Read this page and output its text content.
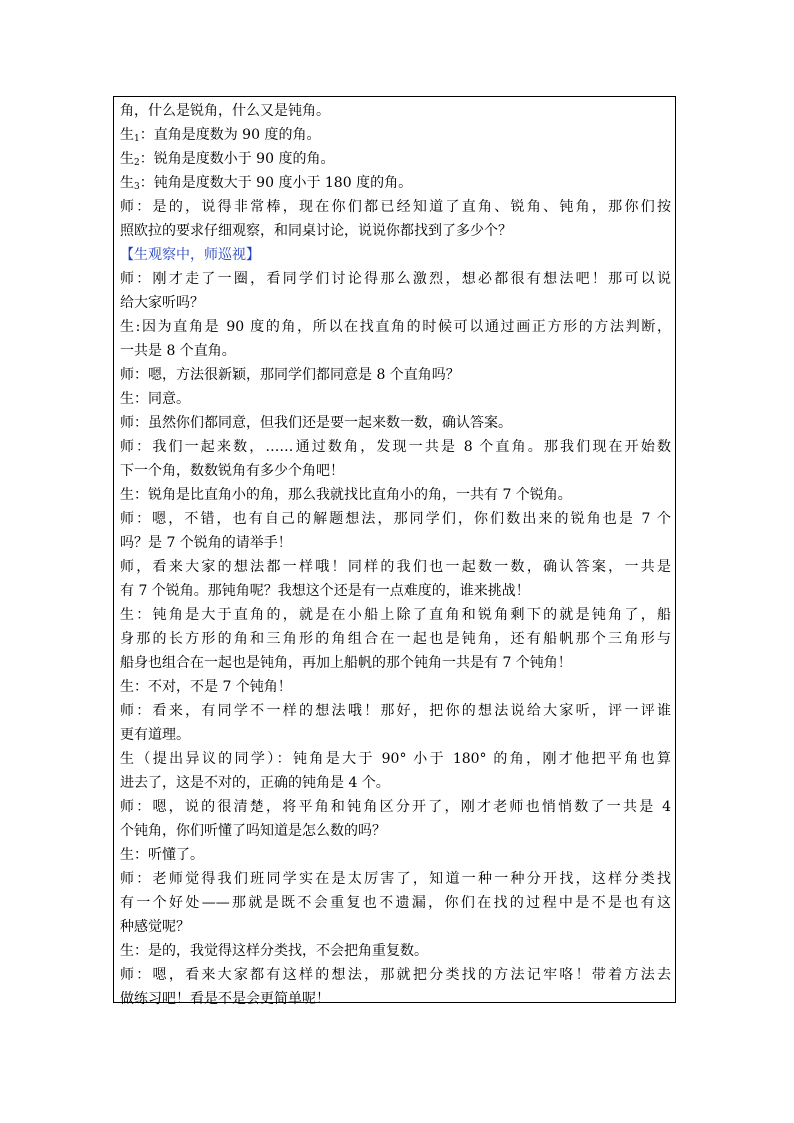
角，什么是锐角，什么又是钝角。
生$_1$：直角是度数为 90 度的角。
生$_2$：锐角是度数小于 90 度的角。
生$_3$：钝角是度数大于 90 度小于 180 度的角。
师：是的，说得非常棒，现在你们都已经知道了直角、锐角、钝角，那你们按
照欧拉的要求仔细观察，和同桌讨论，说说你都找到了多少个？
【生观察中，师巡视】
师：刚才走了一圈，看同学们讨论得那么激烈，想必都很有想法吧！那可以说
给大家听吗？
生:因为直角是 90 度的角，所以在找直角的时候可以通过画正方形的方法判断，
一共是 8 个直角。
师：嗯，方法很新颖，那同学们都同意是 8 个直角吗？
生：同意。
师：虽然你们都同意，但我们还是要一起来数一数，确认答案。
师：我们一起来数，……通过数角，发现一共是 8 个直角。那我们现在开始数
下一个角，数数锐角有多少个角吧！
生：锐角是比直角小的角，那么我就找比直角小的角，一共有 7 个锐角。
师：嗯，不错，也有自己的解题想法，那同学们，你们数出来的锐角也是 7 个
吗？是 7 个锐角的请举手！
师，看来大家的想法都一样哦！同样的我们也一起数一数，确认答案，一共是
有 7 个锐角。那钝角呢？我想这个还是有一点难度的，谁来挑战！
生：钝角是大于直角的，就是在小船上除了直角和锐角剩下的就是钝角了，船
身那的长方形的角和三角形的角组合在一起也是钝角，还有船帆那个三角形与
船身也组合在一起也是钝角，再加上船帆的那个钝角一共是有 7 个钝角！
生：不对，不是 7 个钝角！
师：看来，有同学不一样的想法哦！那好，把你的想法说给大家听，评一评谁
更有道理。
生（提出异议的同学）：钝角是大于 90° 小于 180° 的角，刚才他把平角也算
进去了，这是不对的，正确的钝角是 4 个。
师：嗯，说的很清楚，将平角和钝角区分开了，刚才老师也悄悄数了一共是 4
个钝角，你们听懂了吗知道是怎么数的吗？
生：听懂了。
师：老师觉得我们班同学实在是太厉害了，知道一种一种分开找，这样分类找
有一个好处——那就是既不会重复也不遗漏，你们在找的过程中是不是也有这
种感觉呢？
生：是的，我觉得这样分类找，不会把角重复数。
师：嗯，看来大家都有这样的想法，那就把分类找的方法记牢咯！带着方法去
做练习吧！看是不是会更简单呢！
